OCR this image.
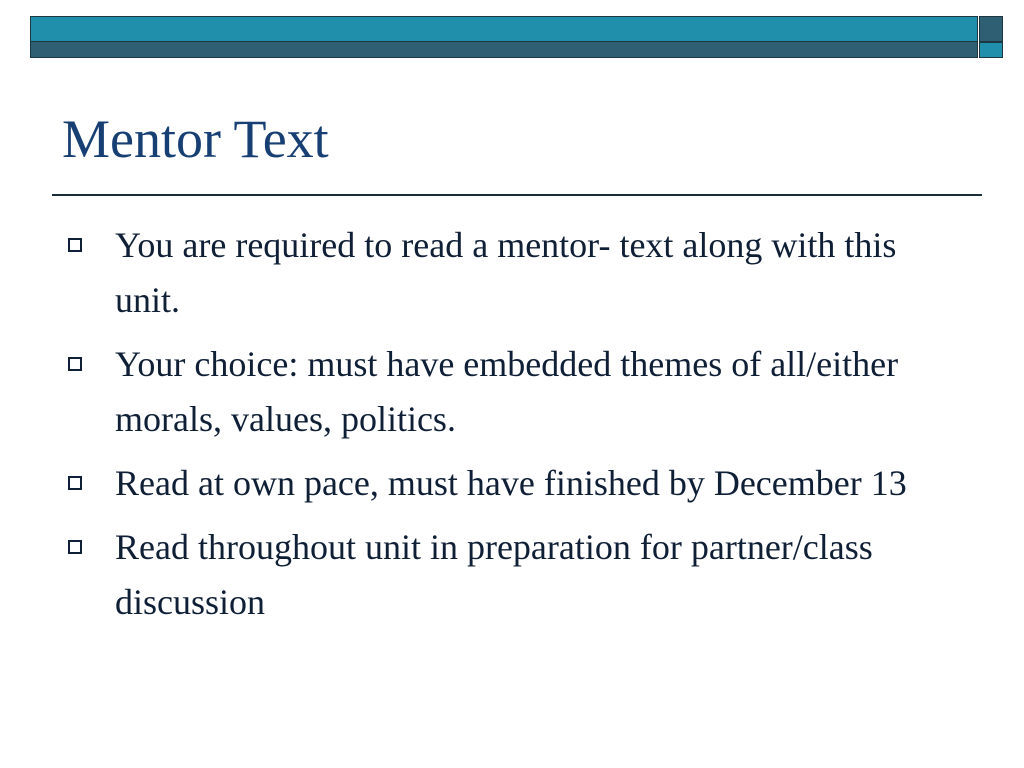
Mentor Text
You are required to read a mentor- text along with this unit.
Your choice: must have embedded themes of all/either morals, values, politics.
Read at own pace, must have finished by December 13
Read throughout unit in preparation for partner/class discussion
